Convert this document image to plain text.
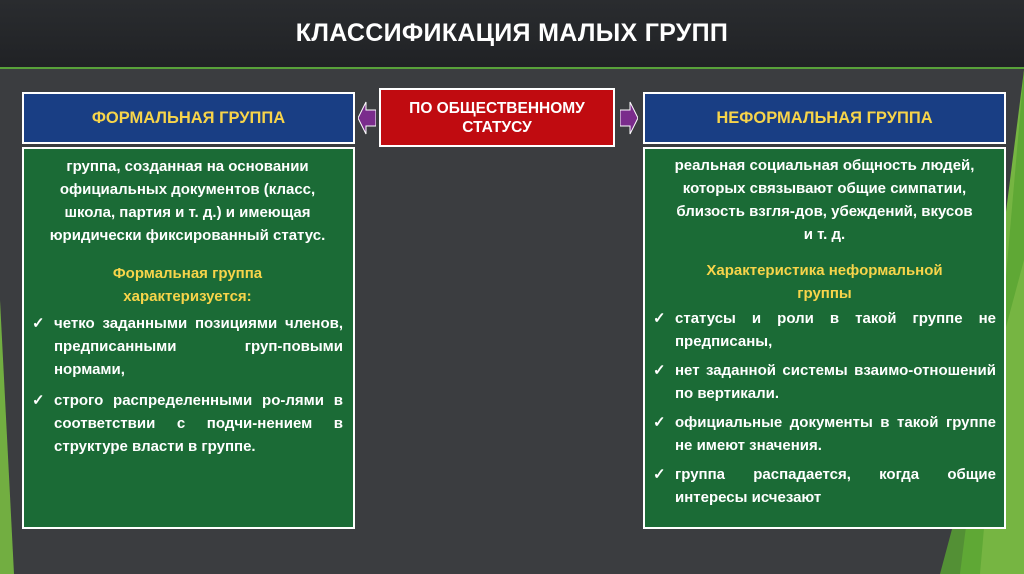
КЛАССИФИКАЦИЯ МАЛЫХ ГРУПП
ФОРМАЛЬНАЯ ГРУППА

группа, созданная на основании официальных документов (класс, школа, партия и т. д.) и имеющая юридически фиксированный статус.

Формальная группа характеризуется:

✓ четко заданными позициями членов, предписанными груп-повыми нормами,
✓ строго распределенными ро-лями в соответствии с подчи-нением в структуре власти в группе.
ПО ОБЩЕСТВЕННОМУ СТАТУСУ
НЕФОРМАЛЬНАЯ ГРУППА

реальная социальная общность людей, которых связывают общие симпатии, близость взгля-дов, убеждений, вкусов и т. д.

Характеристика неформальной группы

✓ статусы и роли в такой группе не предписаны,
✓ нет заданной системы взаимо-отношений по вертикали.
✓ официальные документы в такой группе не имеют значения.
✓ группа распадается, когда общие интересы исчезают
